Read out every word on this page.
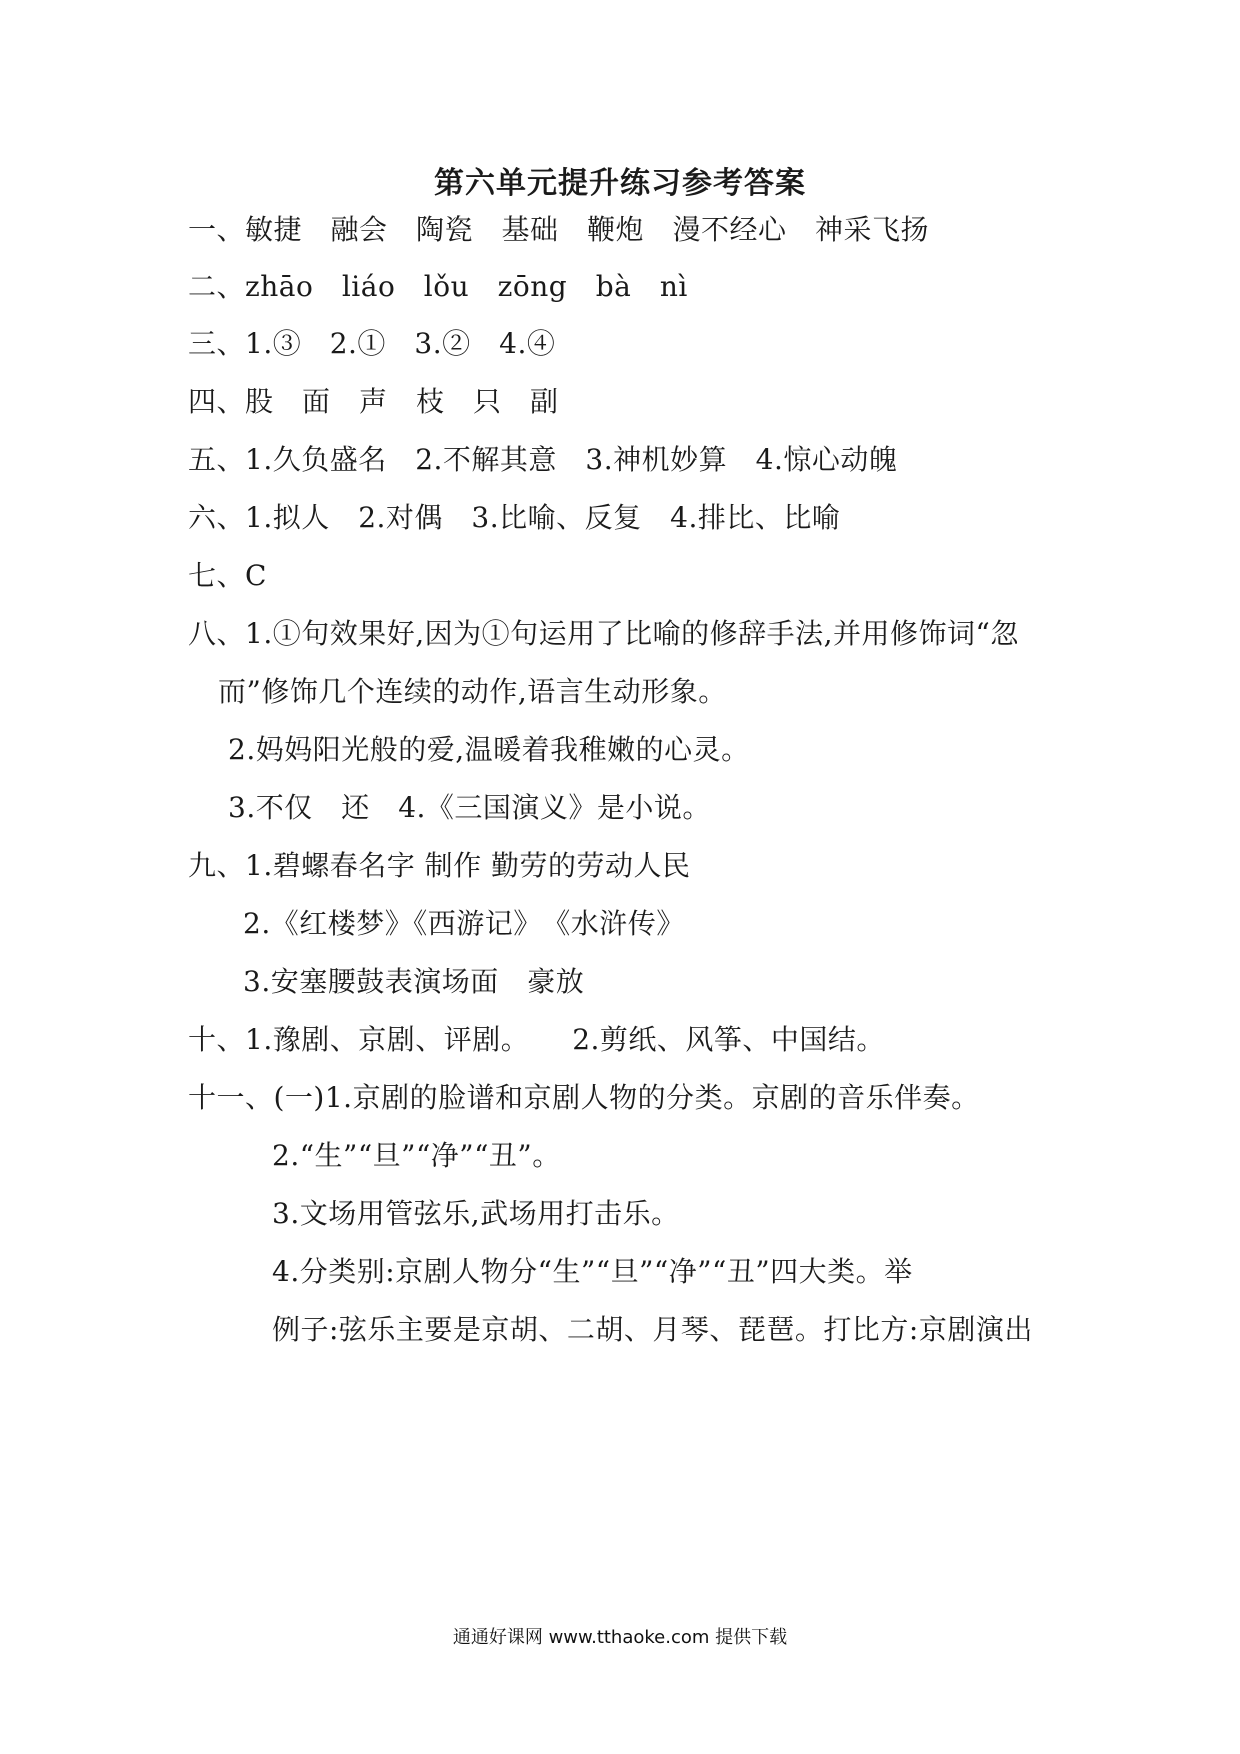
第六单元提升练习参考答案
一、敏捷　融会　陶瓷　基础　鞭炮　漫不经心　神采飞扬
二、zhāo　liáo　lǒu　zōng　bà　nì
三、1.③　2.①　3.②　4.④
四、股　面　声　枝　只　副
五、1.久负盛名　2.不解其意　3.神机妙算　4.惊心动魄
六、1.拟人　2.对偶　3.比喻、反复　4.排比、比喻
七、C
八、1.①句效果好,因为①句运用了比喻的修辞手法,并用修饰词“忽
而”修饰几个连续的动作,语言生动形象。
2.妈妈阳光般的爱,温暖着我稚嫩的心灵。
3.不仅　还　4.《三国演义》是小说。
九、1.碧螺春名字 制作 勤劳的劳动人民
2.《红楼梦》《西游记》　《水浒传》
3.安塞腰鼓表演场面　豪放
十、1.豫剧、京剧、评剧。　　2.剪纸、风筝、中国结。
十一、(一)1.京剧的脸谱和京剧人物的分类。京剧的音乐伴奏。
2.“生”“旦”“净”“丑”。
3.文场用管弦乐,武场用打击乐。
4.分类别:京剧人物分“生”“旦”“净”“丑”四大类。举
例子:弦乐主要是京胡、二胡、月琴、琵琶。打比方:京剧演出
通通好课网 www.tthaoke.com 提供下载
